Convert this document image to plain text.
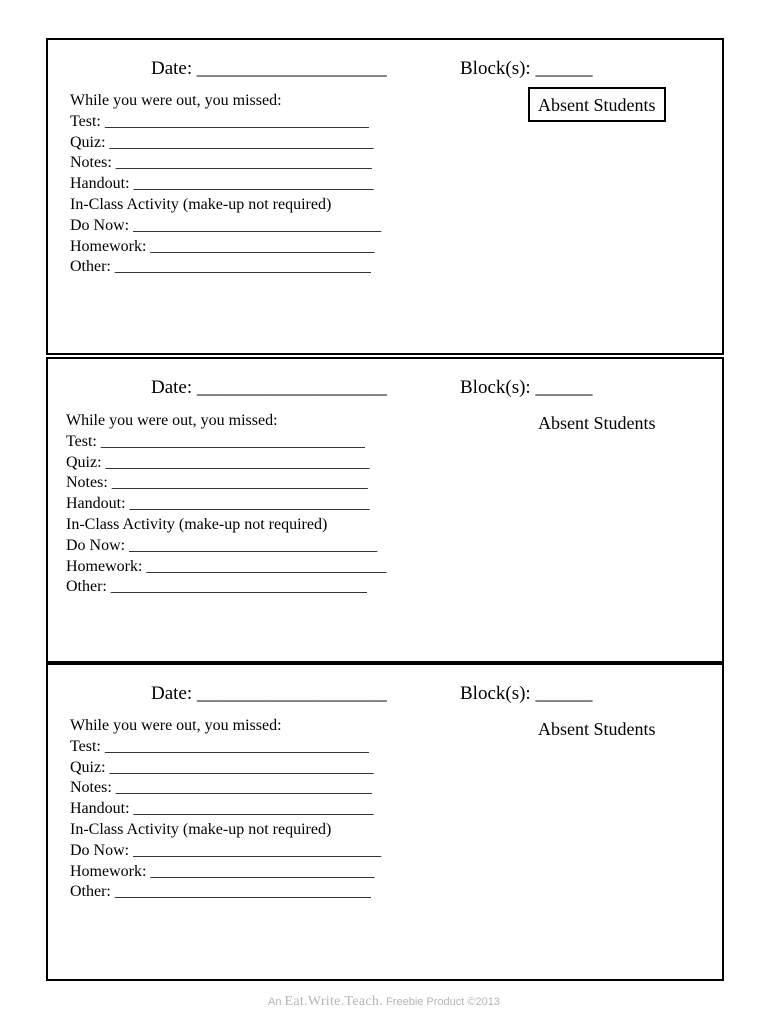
Date: ____________________	Block(s): ______
While you were out, you missed:
Test: _________________________________
Quiz: _________________________________
Notes: ________________________________
Handout: ______________________________
In-Class Activity (make-up not required)
Do Now: _______________________________
Homework: ____________________________
Other: ________________________________
Absent Students
Date: ____________________	Block(s): ______
While you were out, you missed:
Test: _________________________________
Quiz: _________________________________
Notes: ________________________________
Handout: ______________________________
In-Class Activity (make-up not required)
Do Now: _______________________________
Homework: ______________________________
Other: ________________________________
Absent Students
Date: ____________________	Block(s): ______
While you were out, you missed:
Test: _________________________________
Quiz: _________________________________
Notes: ________________________________
Handout: ______________________________
In-Class Activity (make-up not required)
Do Now: _______________________________
Homework: ____________________________
Other: ________________________________
Absent Students
An Eat.Write.Teach. Freebie Product ©2013
